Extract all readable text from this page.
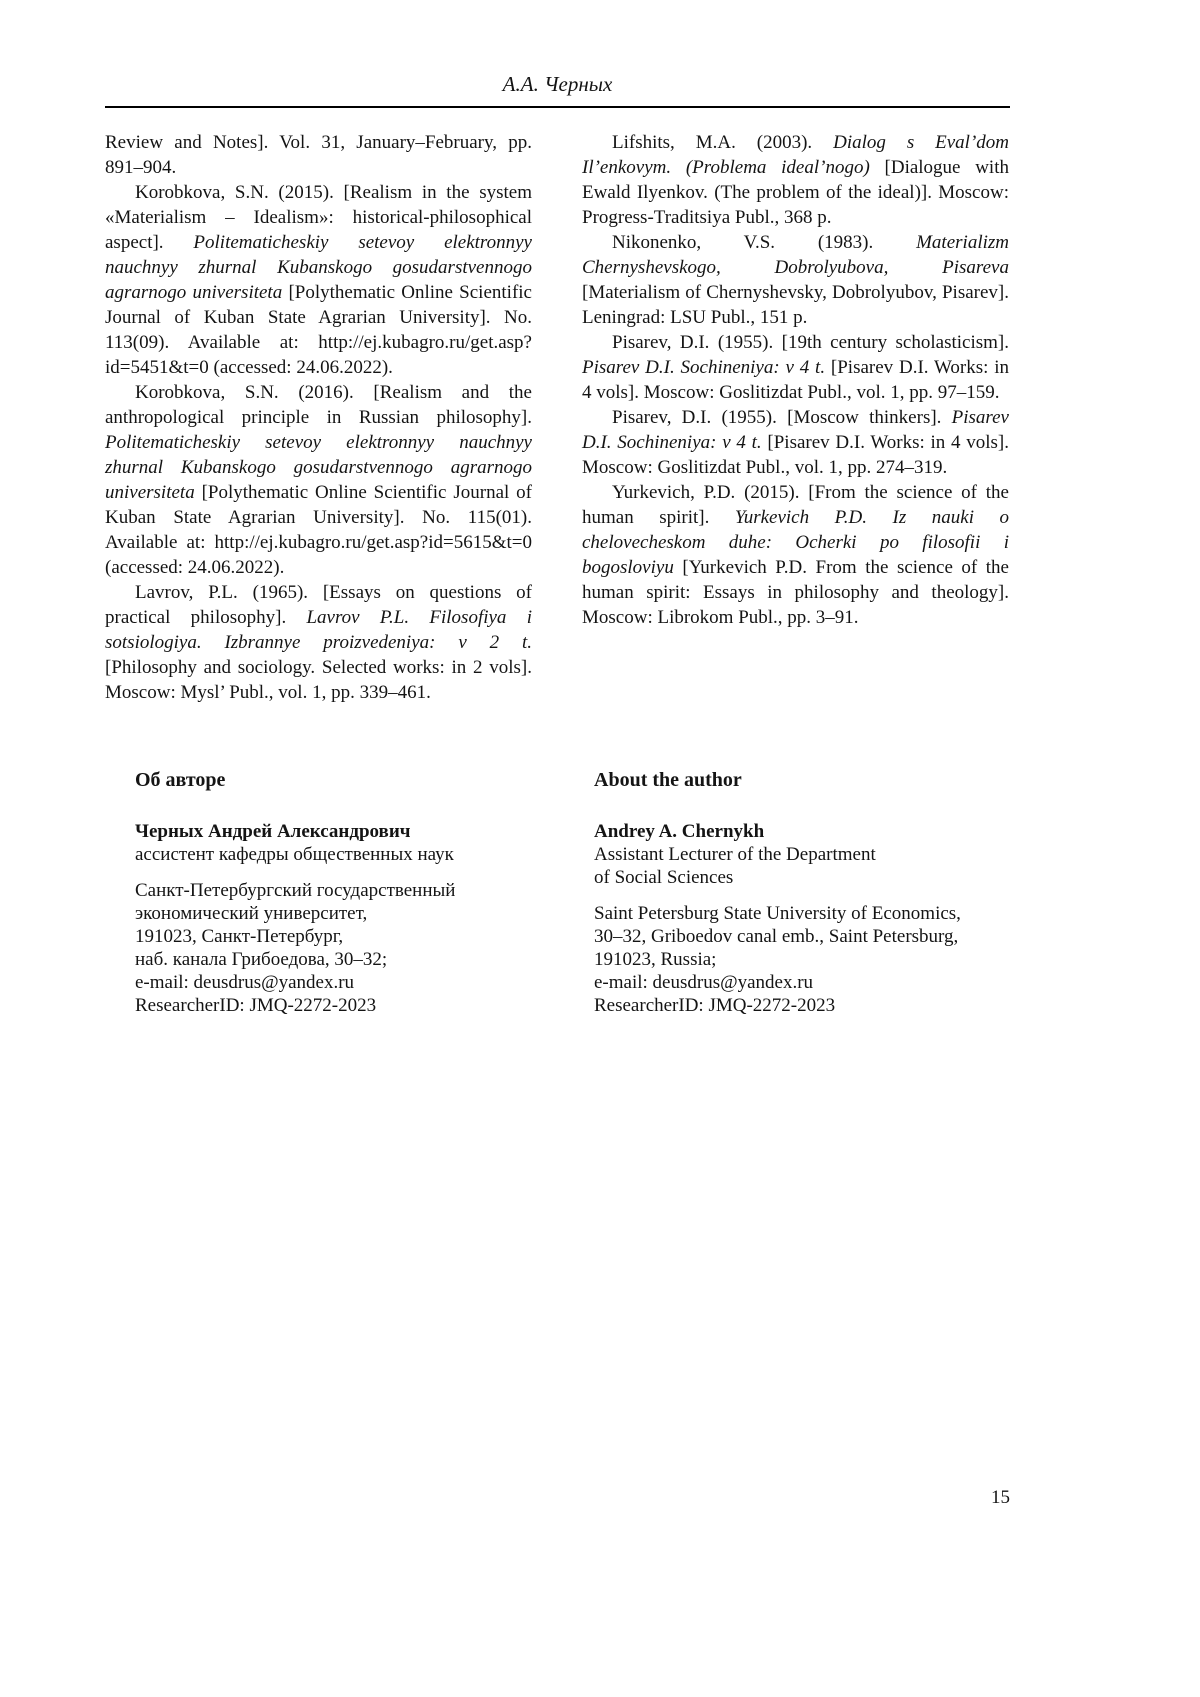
А.А. Черных

Review and Notes]. Vol. 31, January–February, pp. 891–904.

Korobkova, S.N. (2015). [Realism in the system «Materialism – Idealism»: historical-philosophical aspect]. Politematicheskiy setevoy elektronnyy nauchnyy zhurnal Kubanskogo gosudarstvennogo agrarnogo universiteta [Polythematic Online Scientific Journal of Kuban State Agrarian University]. No. 113(09). Available at: http://ej.kubagro.ru/get.asp?id=5451&t=0 (accessed: 24.06.2022).

Korobkova, S.N. (2016). [Realism and the anthropological principle in Russian philosophy]. Politematicheskiy setevoy elektronnyy nauchnyy zhurnal Kubanskogo gosudarstvennogo agrarnogo universiteta [Polythematic Online Scientific Journal of Kuban State Agrarian University]. No. 115(01). Available at: http://ej.kubagro.ru/get.asp?id=5615&t=0 (accessed: 24.06.2022).

Lavrov, P.L. (1965). [Essays on questions of practical philosophy]. Lavrov P.L. Filosofiya i sotsiologiya. Izbrannye proizvedeniya: v 2 t. [Philosophy and sociology. Selected works: in 2 vols]. Moscow: Mysl’ Publ., vol. 1, pp. 339–461.

Lifshits, M.A. (2003). Dialog s Eval’dom Il’enkovym. (Problema ideal’nogo) [Dialogue with Ewald Ilyenkov. (The problem of the ideal)]. Moscow: Progress-Traditsiya Publ., 368 p.

Nikonenko, V.S. (1983). Materializm Chernyshevskogo, Dobrolyubova, Pisareva [Materialism of Chernyshevsky, Dobrolyubov, Pisarev]. Leningrad: LSU Publ., 151 p.

Pisarev, D.I. (1955). [19th century scholasticism]. Pisarev D.I. Sochineniya: v 4 t. [Pisarev D.I. Works: in 4 vols]. Moscow: Goslitizdat Publ., vol. 1, pp. 97–159.

Pisarev, D.I. (1955). [Moscow thinkers]. Pisarev D.I. Sochineniya: v 4 t. [Pisarev D.I. Works: in 4 vols]. Moscow: Goslitizdat Publ., vol. 1, pp. 274–319.

Yurkevich, P.D. (2015). [From the science of the human spirit]. Yurkevich P.D. Iz nauki o chelovecheskom duhe: Ocherki po filosofii i bogosloviyu [Yurkevich P.D. From the science of the human spirit: Essays in philosophy and theology]. Moscow: Librokom Publ., pp. 3–91.

Об авторе
Черных Андрей Александрович
ассистент кафедры общественных наук
Санкт-Петербургский государственный
экономический университет,
191023, Санкт-Петербург,
наб. канала Грибоедова, 30–32;
e-mail: deusdrus@yandex.ru
ResearcherID: JMQ-2272-2023
About the author
Andrey A. Chernykh
Assistant Lecturer of the Department
of Social Sciences
Saint Petersburg State University of Economics,
30–32, Griboedov canal emb., Saint Petersburg,
191023, Russia;
e-mail: deusdrus@yandex.ru
ResearcherID: JMQ-2272-2023
15
